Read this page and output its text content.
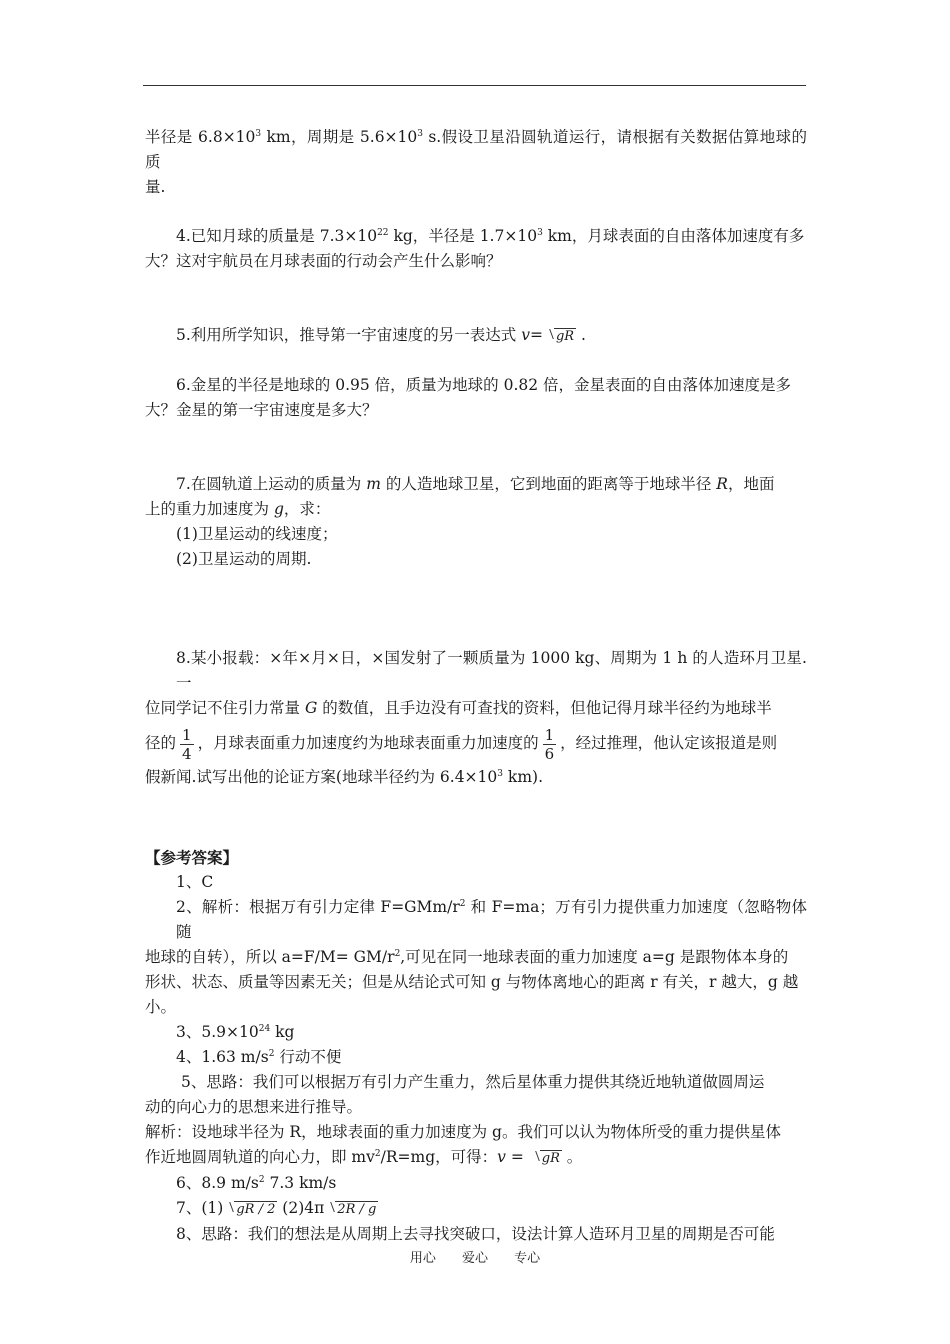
半径是 $6.8\times 10^3$ km，周期是 $5.6\times 10^3$ s.假设卫星沿圆轨道运行，请根据有关数据估算地球的质
量.
4.已知月球的质量是 $7.3\times 10^{22}$ kg，半径是 $1.7\times 10^3$ km，月球表面的自由落体加速度有多
大？这对宇航员在月球表面的行动会产生什么影响？
5.利用所学知识，推导第一宇宙速度的另一表达式 v= gR .
6.金星的半径是地球的 0.95 倍，质量为地球的 0.82 倍，金星表面的自由落体加速度是多
大？金星的第一宇宙速度是多大？
7.在圆轨道上运动的质量为 m 的人造地球卫星，它到地面的距离等于地球半径 R，地面
上的重力加速度为 g，求：
(1)卫星运动的线速度；
(2)卫星运动的周期.
8.某小报载：×年×月×日，×国发射了一颗质量为 1000 kg、周期为 1 h 的人造环月卫星.一
位同学记不住引力常量 G 的数值，且手边没有可查找的资料，但他记得月球半径约为地球半
径的 $\frac{1}{4}$ ，月球表面重力加速度约为地球表面重力加速度的 $\frac{1}{6}$ ，经过推理，他认定该报道是则
假新闻.试写出他的论证方案(地球半径约为 $6.4\times 10^3$ km).
【参考答案】
1、C
2、解析：根据万有引力定律 $F=GMm/r^2$ 和 F=ma；万有引力提供重力加速度（忽略物体随
地球的自转），所以 $a=F/M= GM/r^2$,可见在同一地球表面的重力加速度 a=g 是跟物体本身的
形状、状态、质量等因素无关；但是从结论式可知 g 与物体离地心的距离 r 有关，r 越大，g 越
小。
3、$5.9\times 10^{24}$ kg
4、1.63 $m/s^2$ 行动不便
5、思路：我们可以根据万有引力产生重力，然后星体重力提供其绕近地轨道做圆周运
动的向心力的思想来进行推导。
解析：设地球半径为 R，地球表面的重力加速度为 g。我们可以认为物体所受的重力提供星体
作近地圆周轨道的向心力，即 $mv^2/R=mg$，可得：v = gR 。
6、8.9 $m/s^2$ 7.3 km/s
7、(1) gR / 2 (2)4π 2R / g
8、思路：我们的想法是从周期上去寻找突破口，设法计算人造环月卫星的周期是否可能
用心 爱心 专心
